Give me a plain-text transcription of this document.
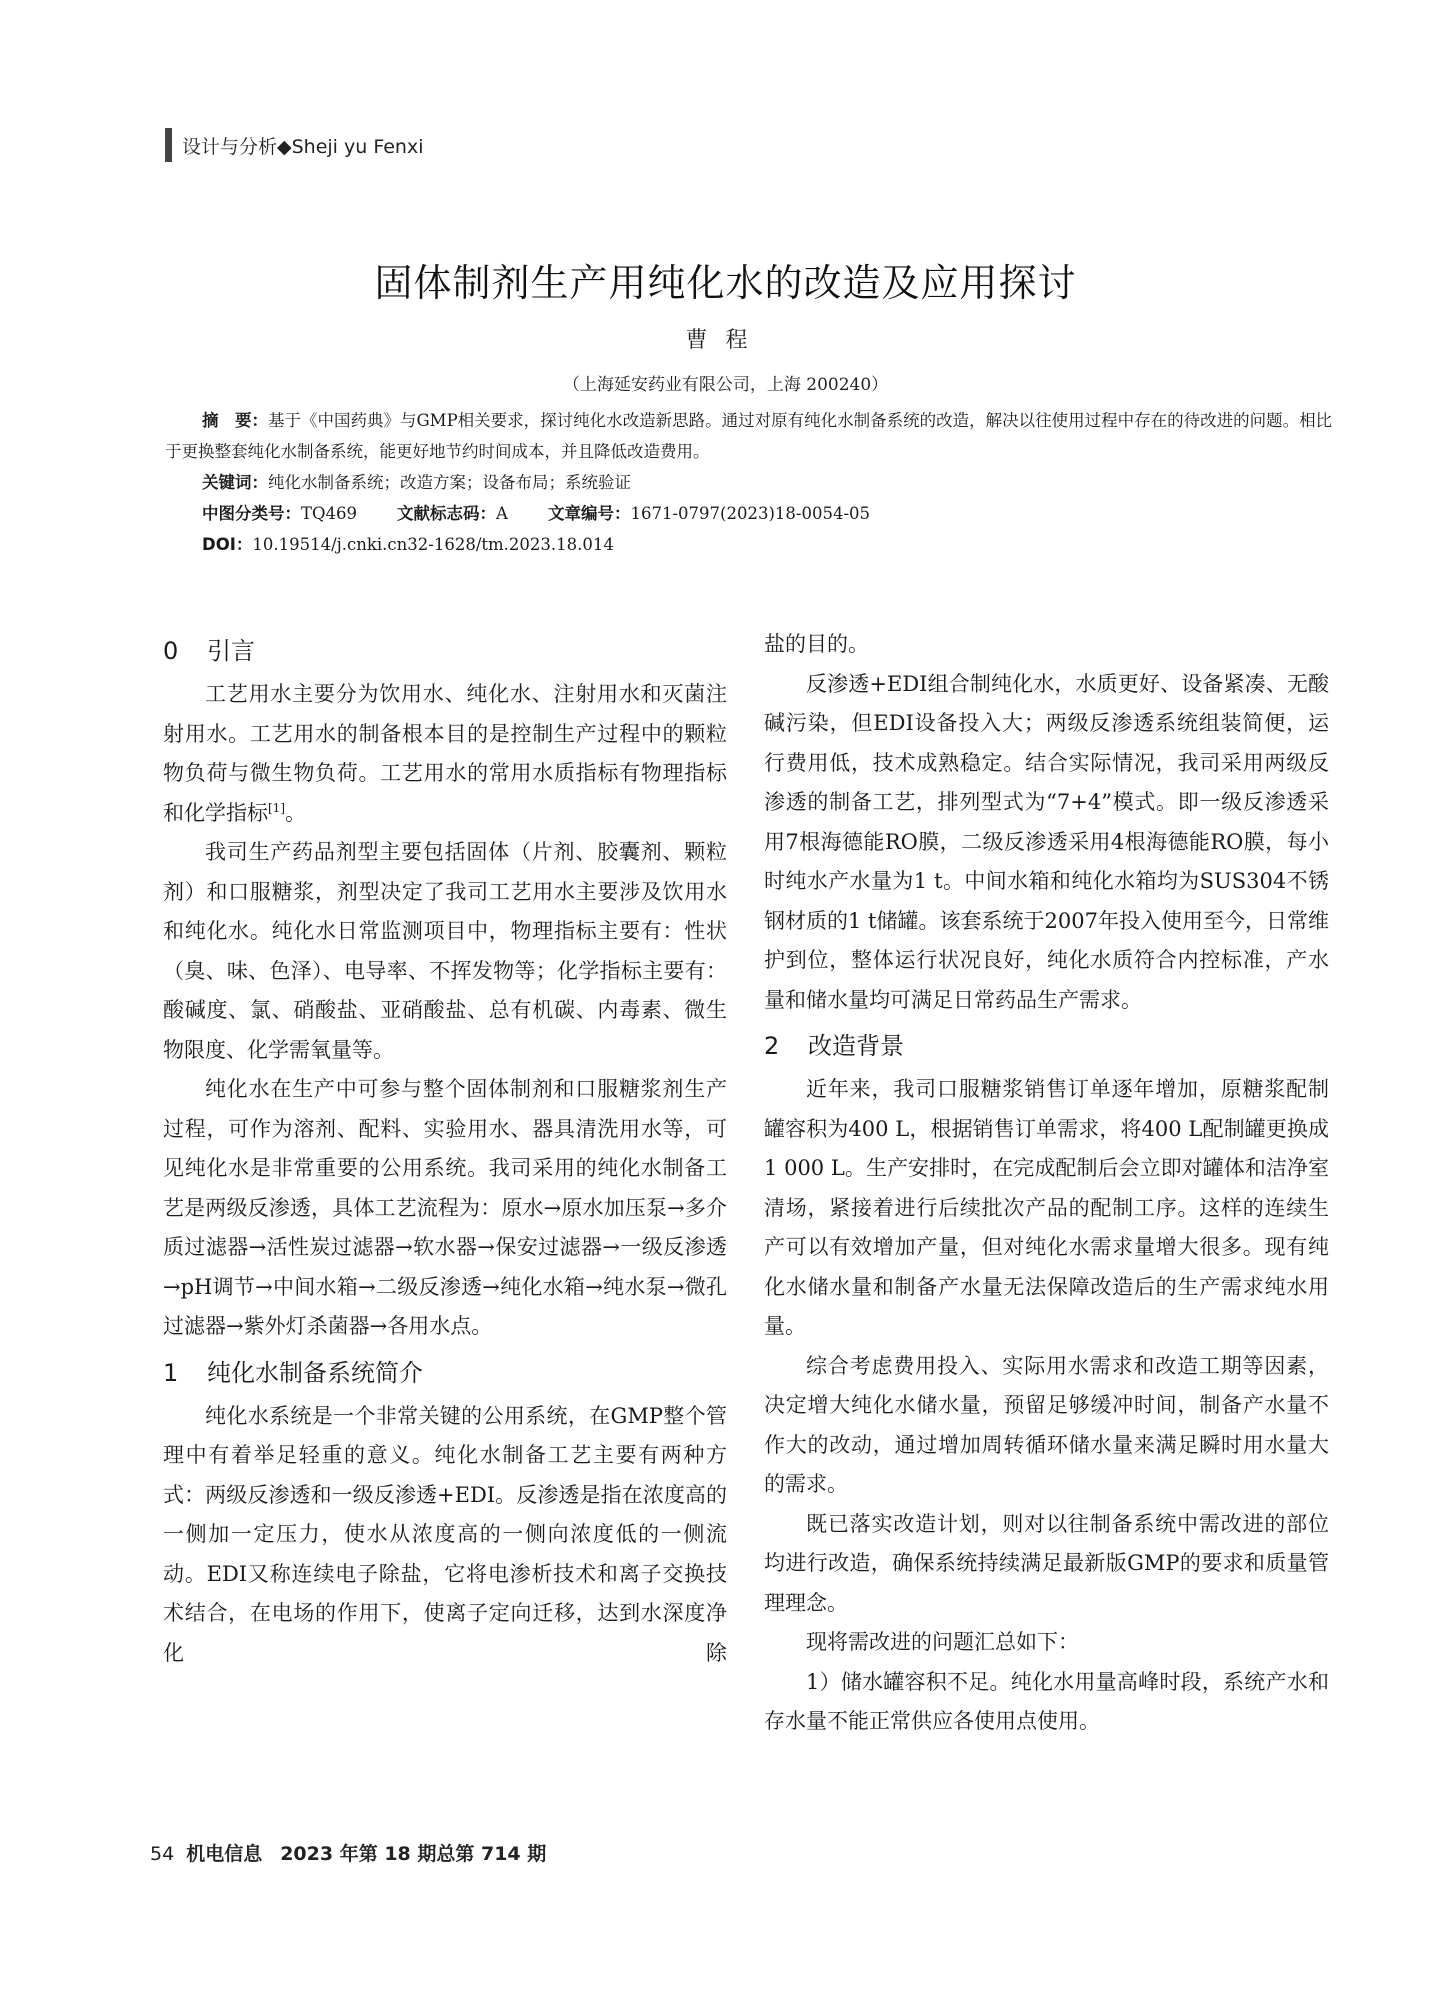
设计与分析◆Sheji yu Fenxi
固体制剂生产用纯化水的改造及应用探讨
曹程
（上海延安药业有限公司，上海 200240）

摘　要：基于《中国药典》与GMP相关要求，探讨纯化水改造新思路。通过对原有纯化水制备系统的改造，解决以往使用过程中存在的待改进的问题。相比于更换整套纯化水制备系统，能更好地节约时间成本，并且降低改造费用。

关键词：纯化水制备系统；改造方案；设备布局；系统验证

中图分类号：TQ469 文献标志码：A 文章编号：1671-0797(2023)18-0054-05

DOI：10.19514/j.cnki.cn32-1628/tm.2023.18.014

0 引言

工艺用水主要分为饮用水、纯化水、注射用水和灭菌注射用水。工艺用水的制备根本目的是控制生产过程中的颗粒物负荷与微生物负荷。工艺用水的常用水质指标有物理指标和化学指标[1]。

我司生产药品剂型主要包括固体（片剂、胶囊剂、颗粒剂）和口服糖浆，剂型决定了我司工艺用水主要涉及饮用水和纯化水。纯化水日常监测项目中，物理指标主要有：性状（臭、味、色泽）、电导率、不挥发物等；化学指标主要有：酸碱度、氯、硝酸盐、亚硝酸盐、总有机碳、内毒素、微生物限度、化学需氧量等。

纯化水在生产中可参与整个固体制剂和口服糖浆剂生产过程，可作为溶剂、配料、实验用水、器具清洗用水等，可见纯化水是非常重要的公用系统。我司采用的纯化水制备工艺是两级反渗透，具体工艺流程为：原水→原水加压泵→多介质过滤器→活性炭过滤器→软水器→保安过滤器→一级反渗透→pH调节→中间水箱→二级反渗透→纯化水箱→纯水泵→微孔过滤器→紫外灯杀菌器→各用水点。

1 纯化水制备系统简介

纯化水系统是一个非常关键的公用系统，在GMP整个管理中有着举足轻重的意义。纯化水制备工艺主要有两种方式：两级反渗透和一级反渗透+EDI。反渗透是指在浓度高的一侧加一定压力，使水从浓度高的一侧向浓度低的一侧流动。EDI又称连续电子除盐，它将电渗析技术和离子交换技术结合，在电场的作用下，使离子定向迁移，达到水深度净化除

盐的目的。

反渗透+EDI组合制纯化水，水质更好、设备紧凑、无酸碱污染，但EDI设备投入大；两级反渗透系统组装简便，运行费用低，技术成熟稳定。结合实际情况，我司采用两级反渗透的制备工艺，排列型式为“7+4”模式。即一级反渗透采用7根海德能RO膜，二级反渗透采用4根海德能RO膜，每小时纯水产水量为1 t。中间水箱和纯化水箱均为SUS304不锈钢材质的1 t储罐。该套系统于2007年投入使用至今，日常维护到位，整体运行状况良好，纯化水质符合内控标准，产水量和储水量均可满足日常药品生产需求。

2 改造背景

近年来，我司口服糖浆销售订单逐年增加，原糖浆配制罐容积为400 L，根据销售订单需求，将400 L配制罐更换成1 000 L。生产安排时，在完成配制后会立即对罐体和洁净室清场，紧接着进行后续批次产品的配制工序。这样的连续生产可以有效增加产量，但对纯化水需求量增大很多。现有纯化水储水量和制备产水量无法保障改造后的生产需求纯水用量。

综合考虑费用投入、实际用水需求和改造工期等因素，决定增大纯化水储水量，预留足够缓冲时间，制备产水量不作大的改动，通过增加周转循环储水量来满足瞬时用水量大的需求。

既已落实改造计划，则对以往制备系统中需改进的部位均进行改造，确保系统持续满足最新版GMP的要求和质量管理理念。

现将需改进的问题汇总如下：

1）储水罐容积不足。纯化水用量高峰时段，系统产水和存水量不能正常供应各使用点使用。

54 机电信息 2023 年第 18 期总第 714 期
